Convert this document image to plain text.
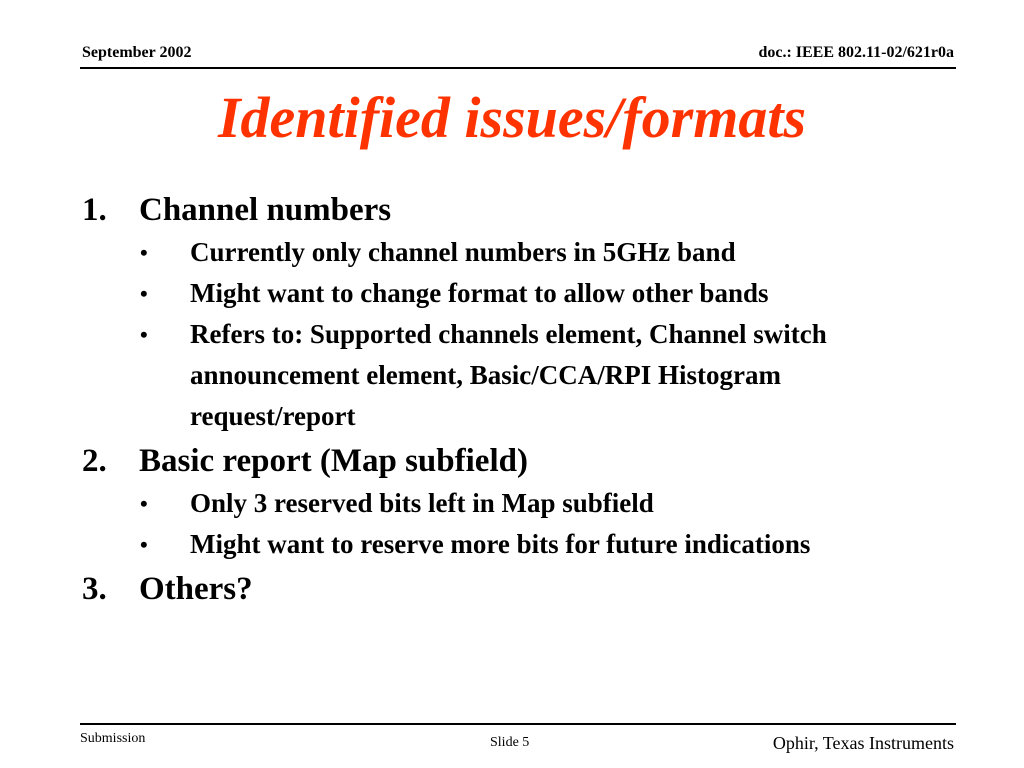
September 2002	doc.: IEEE 802.11-02/621r0a
Identified issues/formats
1. Channel numbers
•	Currently only channel numbers in 5GHz band
•	Might want to change format to allow other bands
•	Refers to: Supported channels element, Channel switch announcement element, Basic/CCA/RPI Histogram request/report
2. Basic report (Map subfield)
•	Only 3 reserved bits left in Map subfield
•	Might want to reserve more bits for future indications
3. Others?
Submission	Slide 5	Ophir, Texas Instruments
